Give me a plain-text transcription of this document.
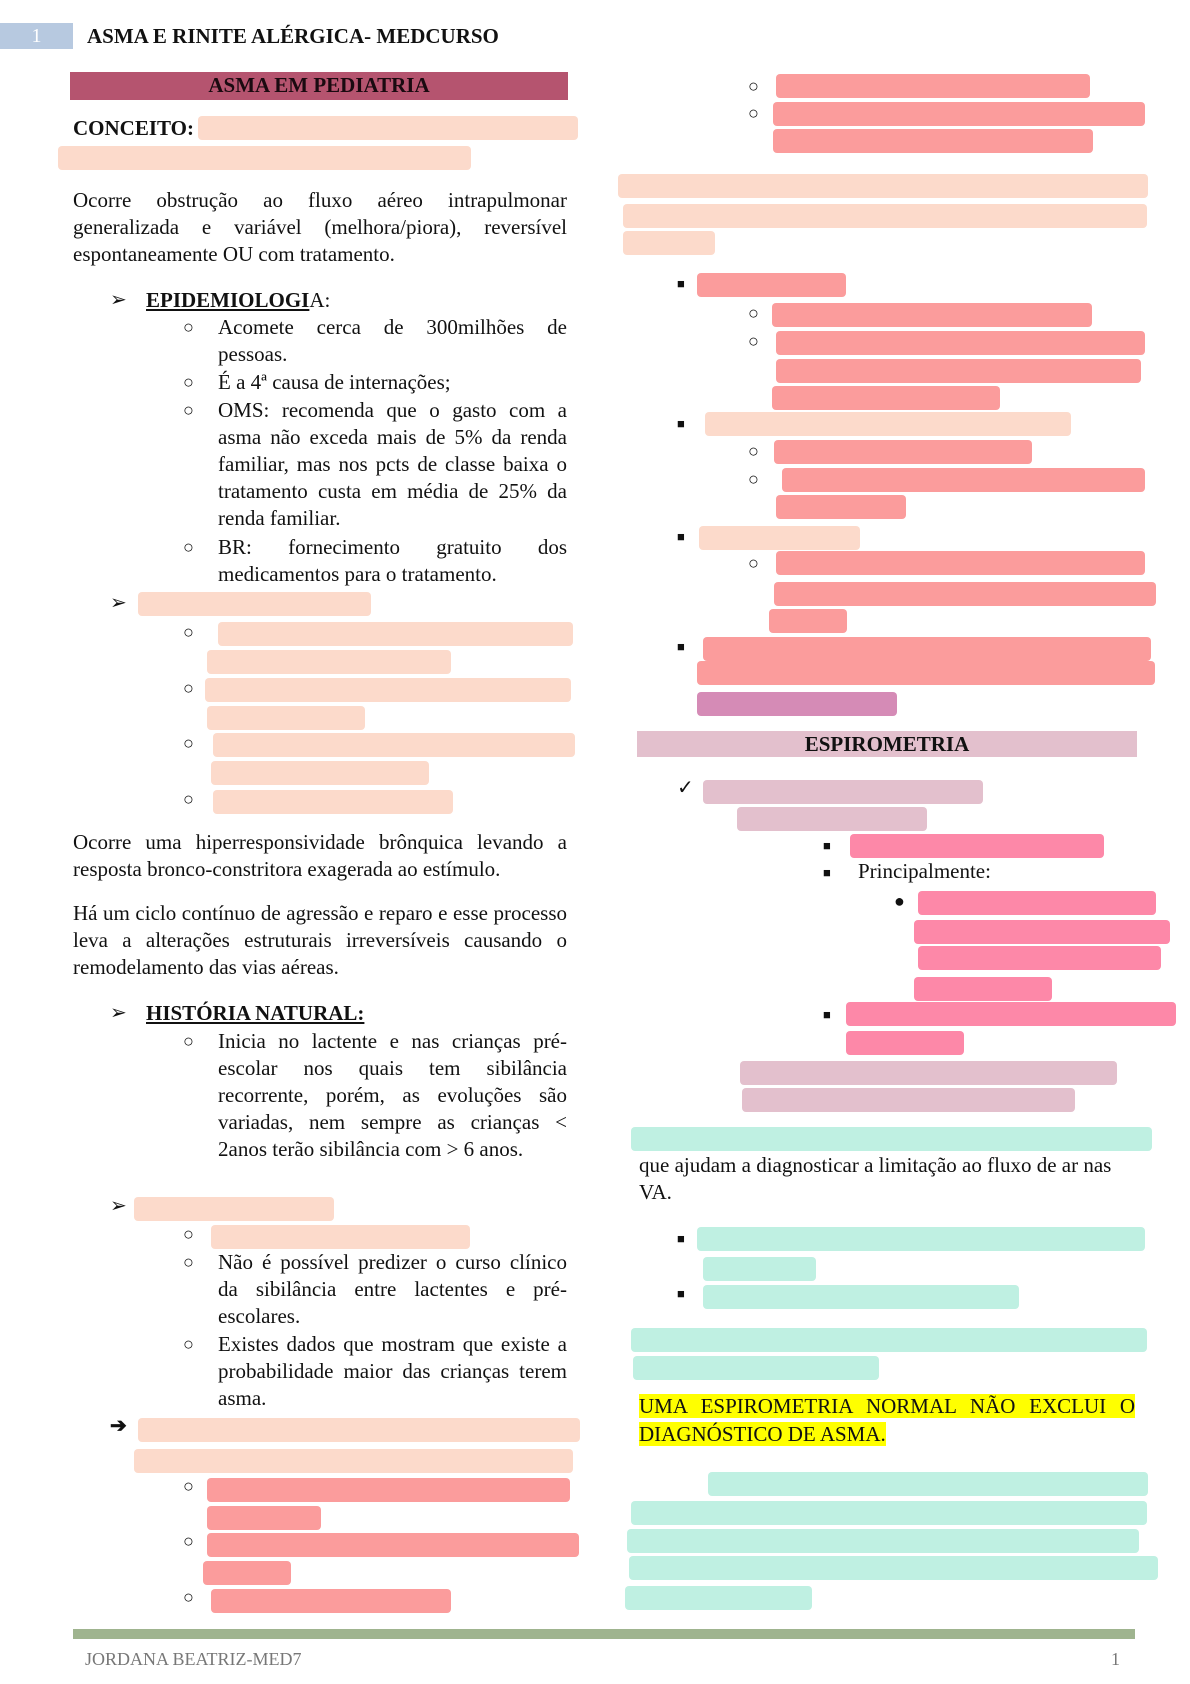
1	ASMA E RINITE ALÉRGICA- MEDCURSO
ASMA EM PEDIATRIA
CONCEITO:
Ocorre obstrução ao fluxo aéreo intrapulmonar generalizada e variável (melhora/piora), reversível espontaneamente OU com tratamento.
➢ EPIDEMIOLOGIA:
○ Acomete cerca de 300milhões de pessoas.
○ É a 4ª causa de internações;
○ OMS: recomenda que o gasto com a asma não exceda mais de 5% da renda familiar, mas nos pcts de classe baixa o tratamento custa em média de 25% da renda familiar.
○ BR: fornecimento gratuito dos medicamentos para o tratamento.
➢
○
○
○
○
Ocorre uma hiperresponsividade brônquica levando a resposta bronco-constritora exagerada ao estímulo.
Há um ciclo contínuo de agressão e reparo e esse processo leva a alterações estruturais irreversíveis causando o remodelamento das vias aéreas.
➢ HISTÓRIA NATURAL:
○ Inicia no lactente e nas crianças pré-escolar nos quais tem sibilância recorrente, porém, as evoluções são variadas, nem sempre as crianças < 2anos terão sibilância com > 6 anos.
➢
○
○ Não é possível predizer o curso clínico da sibilância entre lactentes e pré-escolares.
○ Existes dados que mostram que existe a probabilidade maior das crianças terem asma.
➔
○
○
○
○
○
■
○
○
■
○
○
■
○
■
ESPIROMETRIA
✓
■
■ Principalmente:
●
■
que ajudam a diagnosticar a limitação ao fluxo de ar nas VA.
■
■
UMA ESPIROMETRIA NORMAL NÃO EXCLUI O DIAGNÓSTICO DE ASMA.
JORDANA BEATRIZ-MED7	1
